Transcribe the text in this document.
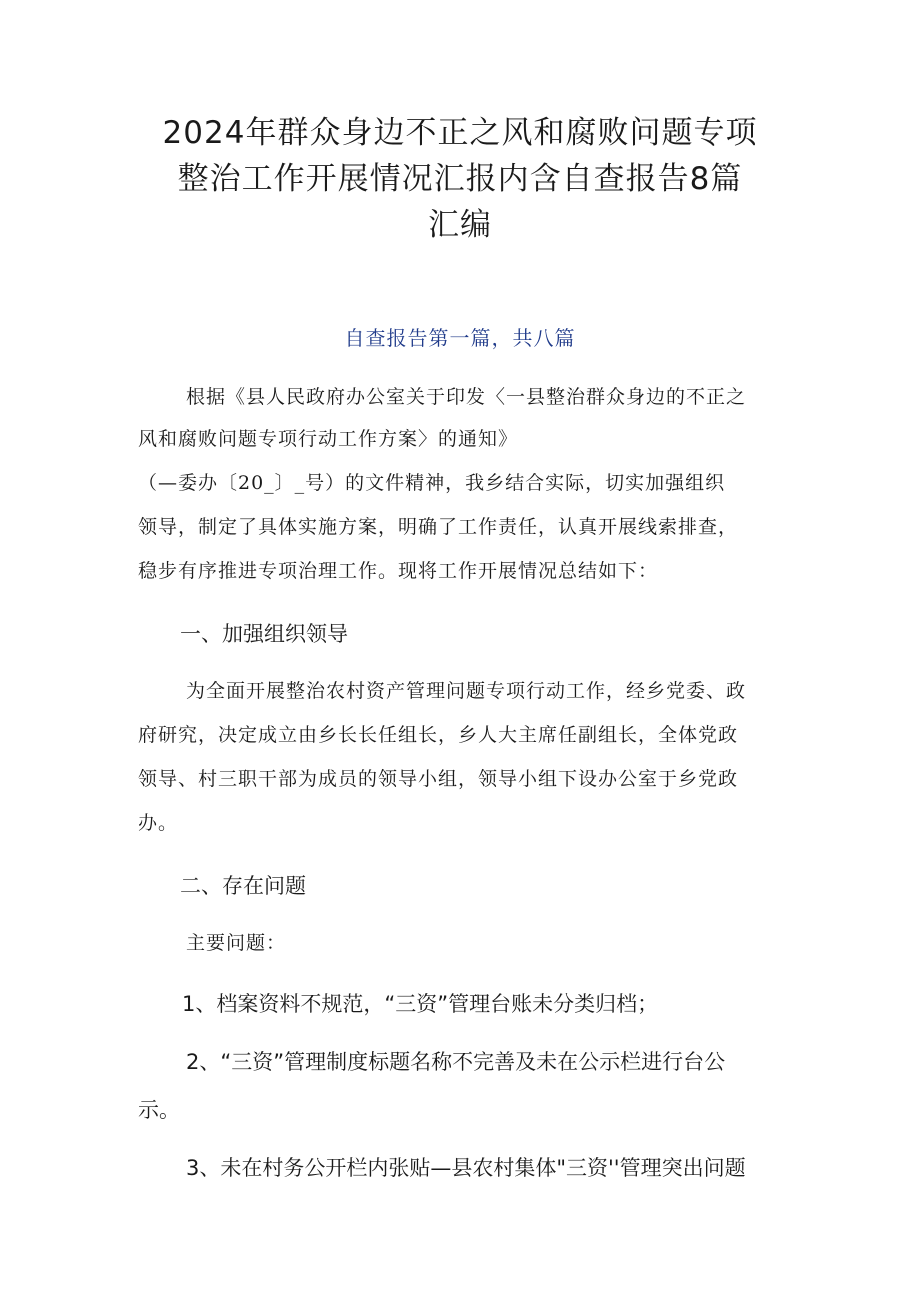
2024年群众身边不正之风和腐败问题专项
整治工作开展情况汇报内含自查报告8篇
汇编
自查报告第一篇，共八篇
根据《县人民政府办公室关于印发〈一县整治群众身边的不正之
风和腐败问题专项行动工作方案〉的通知》
（—委办〔20_〕_号）的文件精神，我乡结合实际，切实加强组织
领导，制定了具体实施方案，明确了工作责任，认真开展线索排查，
稳步有序推进专项治理工作。现将工作开展情况总结如下：
一、加强组织领导
为全面开展整治农村资产管理问题专项行动工作，经乡党委、政
府研究，决定成立由乡长长任组长，乡人大主席任副组长，全体党政
领导、村三职干部为成员的领导小组，领导小组下设办公室于乡党政
办。
二、存在问题
主要问题：
1、档案资料不规范，“三资”管理台账未分类归档；
2、“三资”管理制度标题名称不完善及未在公示栏进行台公
示。
3、未在村务公开栏内张贴—县农村集体"三资''管理突出问题
